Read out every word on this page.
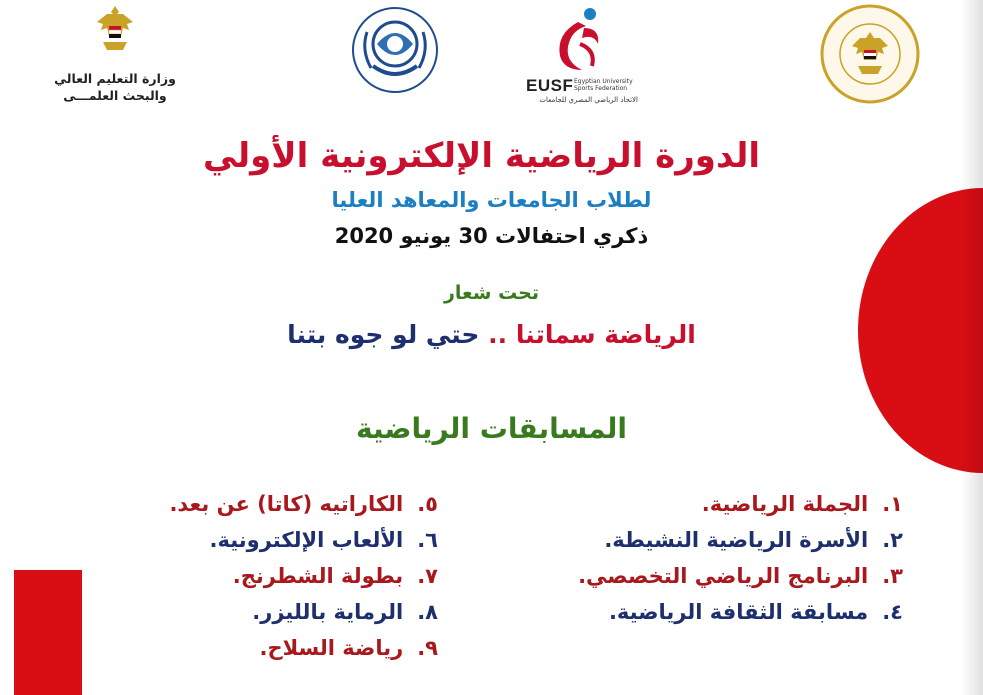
وزارة التعليم العالي
والبحث العلمـــى
EUSF Egyptian University Sports Federation
الاتحاد الرياضي المصري للجامعات
الدورة الرياضية الإلكترونية الأولي
لطلاب الجامعات والمعاهد العليا
ذكري احتفالات 30 يونيو 2020
تحت شعار
الرياضة سماتنا .. حتي لو جوه بتنا
المسابقات الرياضية
١.الجملة الرياضية.
٢.الأسرة الرياضية النشيطة.
٣.البرنامج الرياضي التخصصي.
٤.مسابقة الثقافة الرياضية.
٥.الكاراتيه (كاتا) عن بعد.
٦.الألعاب الإلكترونية.
٧.بطولة الشطرنج.
٨.الرماية بالليزر.
٩.رياضة السلاح.
